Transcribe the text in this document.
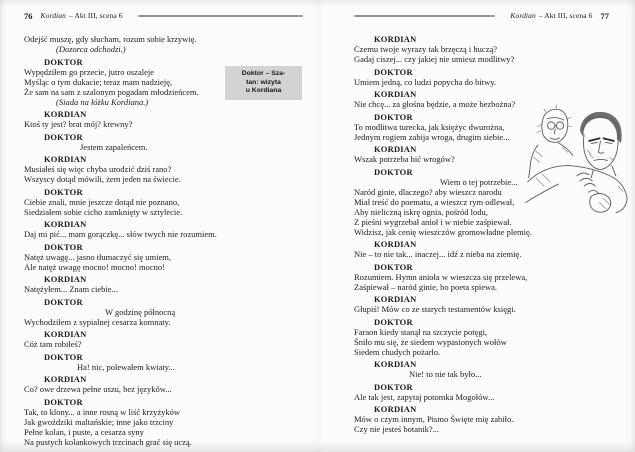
76 Kordian – Akt III, scena 6
Odejść muszę, gdy słucham, rozum sobie krzywię.
(Dozorca odchodzi.)
DOKTOR
Wypędziłem go przecie, jutro oszaleje
Myśląc o tym dukacie; teraz mam nadzieję,
Że sam na sam z szalonym pogadam młodzieńcem.
(Siada na łóżku Kordiana.)
KORDIAN
Ktoś ty jest? brat mój? krewny?
DOKTOR
Jestem zapaleńcem.
KORDIAN
Musiałeś się więc chyba urodzić dziś rano?
Wszyscy dotąd mówili, żem jeden na świecie.
DOKTOR
Ciebie znali, mnie jeszcze dotąd nie poznano,
Siedziałem sobie cicho zamknięty w sztylecie.
KORDIAN
Daj mi pić... mam gorączkę... słów twych nie rozumiem.
DOKTOR
Natęż uwagę... jasno tłumaczyć się umiem,
Ale natęż uwagę mocno! mocno! mocno!
KORDIAN
Natężyłem... Znam ciebie...
DOKTOR
W godzinę północną
Wychodziłem z sypialnej cesarza komnaty.
KORDIAN
Cóż tam robiłeś?
DOKTOR
Ha! nic, polewałem kwiaty...
KORDIAN
Co? owe drzewa pełne uszu, bez języków...
DOKTOR
Tak, to klony... a inne rosną w liść krzyżyków
Jak gwoździki maltańskie; inne jako trzciny
Pełne kolan, i puste, a cesarza syny
Na pustych kolankowych trzcinach grać się uczą.
Doktor – Sza-
tan: wizyta
u Kordiana
Kordian – Akt III, scena 6 77
KORDIAN
Czemu twoje wyrazy tak brzęczą i huczą?
Gadaj ciszej... czy jakiej nie umiesz modlitwy?
DOKTOR
Umiem jedną, co ludzi popycha do bitwy.
KORDIAN
Nie chcę... za głośna będzie, a może bezbożna?
DOKTOR
To modlitwa turecka, jak księżyc dwurożna,
Jednym rogiem zabija wroga, drugim siebie...
KORDIAN
Wszak potrzeba bić wrogów?
DOKTOR
Wiem o tej potrzebie...
Naród ginie, dlaczego? aby wieszcz narodu
Miał treść do poematu, a wieszcz rym odlewał,
Aby nieliczną iskrę ognia, pośród lodu,
Z pieśni wygrzebał anioł i w niebie zaśpiewał.
Widzisz, jak cenię wieszczów gromowładne plemię.
KORDIAN
Nie – to nie tak... inaczej... idź z nieba na ziemię.
DOKTOR
Rozumiem. Hymn anioła w wieszcza się przelewa,
Zaśpiewał – naród ginie, bo poeta spiewa.
KORDIAN
Głupiś! Mów co ze starych testamentów księgi.
DOKTOR
Faraon kiedy stanął na szczycie potęgi,
Śniło mu się, że siedem wypasionych wołów
Siedem chudych pożarło.
KORDIAN
Nie! to nie tak było...
DOKTOR
Ale tak jest, zapytaj potomka Mogołów...
KORDIAN
Mów o czym innym, Pismo Święte mię zabiło.
Czy nie jesteś botanik?...
